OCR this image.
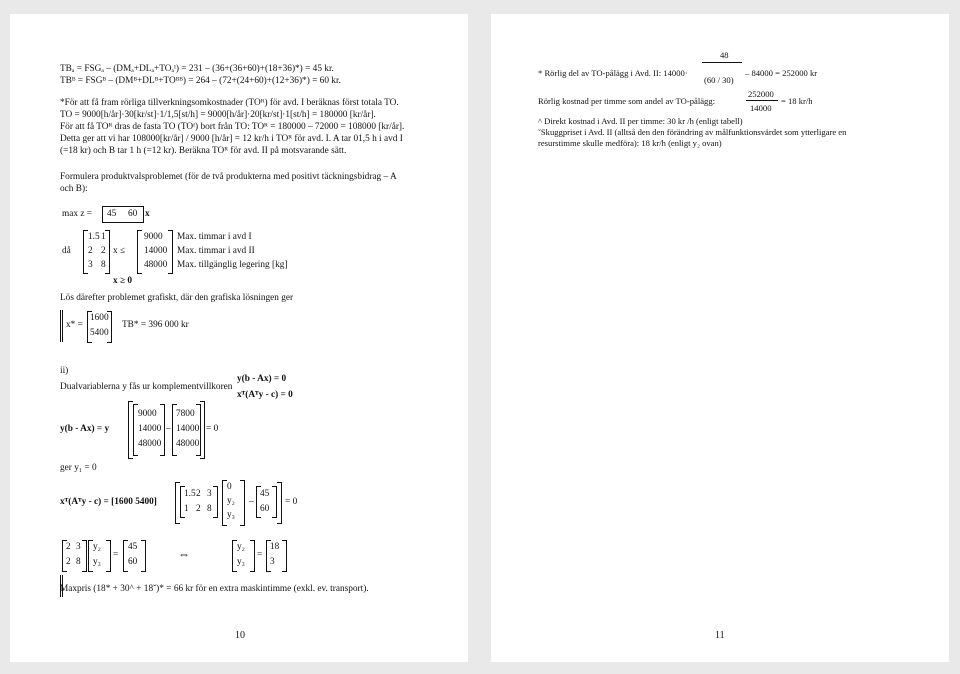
TBₐ = FSGₐ – (DMₐ+DLₐ+TOₐᴵ) = 231 – (36+(36+60)+(18+36)*) = 45 kr.
TBᴮ = FSGᴮ – (DMᴮ+DLᴮ+TOᴮᴮ) = 264 – (72+(24+60)+(12+36)*) = 60 kr.
*För att få fram rörliga tillverkningsomkostnader (TOᴿ) för avd. I beräknas först totala TO.
TO = 9000[h/år]·30[kr/st]·1/1,5[st/h] = 9000[h/år]·20[kr/st]·1[st/h] = 180000 [kr/år].
För att få TOᴿ dras de fasta TO (TOᶠ) bort från TO: TOᴿ = 180000 – 72000 = 108000 [kr/år].
Detta ger att vi har 108000[kr/år] / 9000 [h/år] = 12 kr/h i TOᴿ för avd. I. A tar 01,5 h i avd I
(=18 kr) och B tar 1 h (=12 kr). Beräkna TOᴿ för avd. II på motsvarande sätt.
Formulera produktvalsproblemet (för de två produkterna med positivt täckningsbidrag – A
och B):
max z = 45 60 x
då
1.5 1
2 2
3 8
x ≤
9000
14000
48000
Max. timmar i avd I
Max. timmar i avd II
Max. tillgänglig legering [kg]
x ≥ 0
Lös därefter problemet grafiskt, där den grafiska lösningen ger
x* =
1600
5400
TB* = 396 000 kr
ii)
y(b - Ax) = 0
Dualvariablerna y fås ur komplementvillkoren
xᵀ(Aᵀy - c) = 0
y(b - Ax) = y
9000
14000
48000
–
7800
14000
48000
= 0
ger y₁ = 0
xᵀ(Aᵀy - c) = [1600 5400]
1.5 2 3
1 2 8
0
y₂
y₃
–
45
60
= 0
2 3
2 8
y₂
y₃
=
45
60
⇔	y₂
y₃
=
18
3
Maxpris (18* + 30^ + 18ˇ)* = 66 kr för en extra maskintimme (exkl. ev. transport).
10
* Rörlig del av TO-pålägg i Avd. II: 14000·
48
(60 / 30)
– 84000 = 252000 kr
Rörlig kostnad per timme som andel av TO-pålägg:
252000
14000
= 18 kr/h
^ Direkt kostnad i Avd. II per timme: 30 kr /h (enligt tabell)
ˇSkuggpriset i Avd. II (alltså den den förändring av målfunktionsvärdet som ytterligare en
resurstimme skulle medföra): 18 kr/h (enligt y₂ ovan)
11
